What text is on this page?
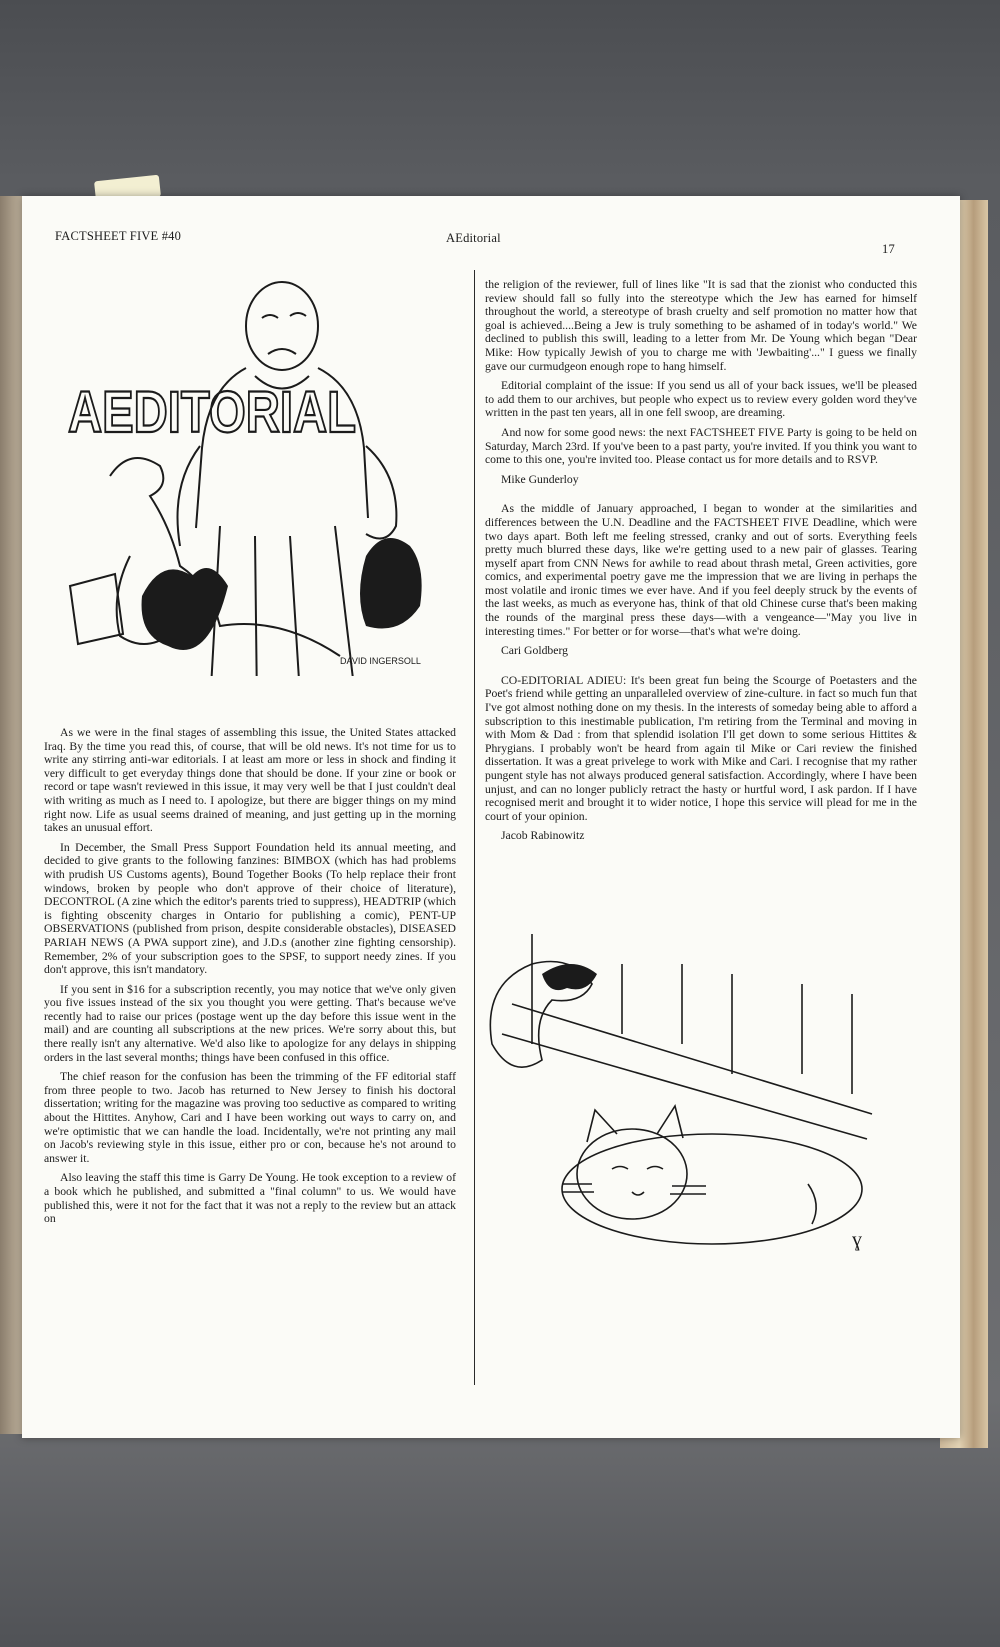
FACTSHEET FIVE #40	AEditorial
17
AEDITORIAL
DAVID INGERSOLL

As we were in the final stages of assembling this issue, the United States attacked Iraq. By the time you read this, of course, that will be old news. It's not time for us to write any stirring anti-war editorials. I at least am more or less in shock and finding it very difficult to get everyday things done that should be done. If your zine or book or record or tape wasn't reviewed in this issue, it may very well be that I just couldn't deal with writing as much as I need to. I apologize, but there are bigger things on my mind right now. Life as usual seems drained of meaning, and just getting up in the morning takes an unusual effort.

In December, the Small Press Support Foundation held its annual meeting, and decided to give grants to the following fanzines: BIMBOX (which has had problems with prudish US Customs agents), Bound Together Books (To help replace their front windows, broken by people who don't approve of their choice of literature), DECONTROL (A zine which the editor's parents tried to suppress), HEADTRIP (which is fighting obscenity charges in Ontario for publishing a comic), PENT-UP OBSERVATIONS (published from prison, despite considerable obstacles), DISEASED PARIAH NEWS (A PWA support zine), and J.D.s (another zine fighting censorship). Remember, 2% of your subscription goes to the SPSF, to support needy zines. If you don't approve, this isn't mandatory.

If you sent in $16 for a subscription recently, you may notice that we've only given you five issues instead of the six you thought you were getting. That's because we've recently had to raise our prices (postage went up the day before this issue went in the mail) and are counting all subscriptions at the new prices. We're sorry about this, but there really isn't any alternative. We'd also like to apologize for any delays in shipping orders in the last several months; things have been confused in this office.

The chief reason for the confusion has been the trimming of the FF editorial staff from three people to two. Jacob has returned to New Jersey to finish his doctoral dissertation; writing for the magazine was proving too seductive as compared to writing about the Hittites. Anyhow, Cari and I have been working out ways to carry on, and we're optimistic that we can handle the load. Incidentally, we're not printing any mail on Jacob's reviewing style in this issue, either pro or con, because he's not around to answer it.

Also leaving the staff this time is Garry De Young. He took exception to a review of a book which he published, and submitted a "final column" to us. We would have published this, were it not for the fact that it was not a reply to the review but an attack on

the religion of the reviewer, full of lines like "It is sad that the zionist who conducted this review should fall so fully into the stereotype which the Jew has earned for himself throughout the world, a stereotype of brash cruelty and self promotion no matter how that goal is achieved....Being a Jew is truly something to be ashamed of in today's world." We declined to publish this swill, leading to a letter from Mr. De Young which began "Dear Mike: How typically Jewish of you to charge me with 'Jewbaiting'..." I guess we finally gave our curmudgeon enough rope to hang himself.

Editorial complaint of the issue: If you send us all of your back issues, we'll be pleased to add them to our archives, but people who expect us to review every golden word they've written in the past ten years, all in one fell swoop, are dreaming.

And now for some good news: the next FACTSHEET FIVE Party is going to be held on Saturday, March 23rd. If you've been to a past party, you're invited. If you think you want to come to this one, you're invited too. Please contact us for more details and to RSVP.

Mike Gunderloy

As the middle of January approached, I began to wonder at the similarities and differences between the U.N. Deadline and the FACTSHEET FIVE Deadline, which were two days apart. Both left me feeling stressed, cranky and out of sorts. Everything feels pretty much blurred these days, like we're getting used to a new pair of glasses. Tearing myself apart from CNN News for awhile to read about thrash metal, Green activities, gore comics, and experimental poetry gave me the impression that we are living in perhaps the most volatile and ironic times we ever have. And if you feel deeply struck by the events of the last weeks, as much as everyone has, think of that old Chinese curse that's been making the rounds of the marginal press these days—with a vengeance—"May you live in interesting times." For better or for worse—that's what we're doing.

Cari Goldberg

CO-EDITORIAL ADIEU: It's been great fun being the Scourge of Poetasters and the Poet's friend while getting an unparalleled overview of zine-culture. in fact so much fun that I've got almost nothing done on my thesis. In the interests of someday being able to afford a subscription to this inestimable publication, I'm retiring from the Terminal and moving in with Mom & Dad : from that splendid isolation I'll get down to some serious Hittites & Phrygians. I probably won't be heard from again til Mike or Cari review the finished dissertation. It was a great privelege to work with Mike and Cari. I recognise that my rather pungent style has not always produced general satisfaction. Accordingly, where I have been unjust, and can no longer publicly retract the hasty or hurtful word, I ask pardon. If I have recognised merit and brought it to wider notice, I hope this service will plead for me in the court of your opinion.

Jacob Rabinowitz

ɣ
